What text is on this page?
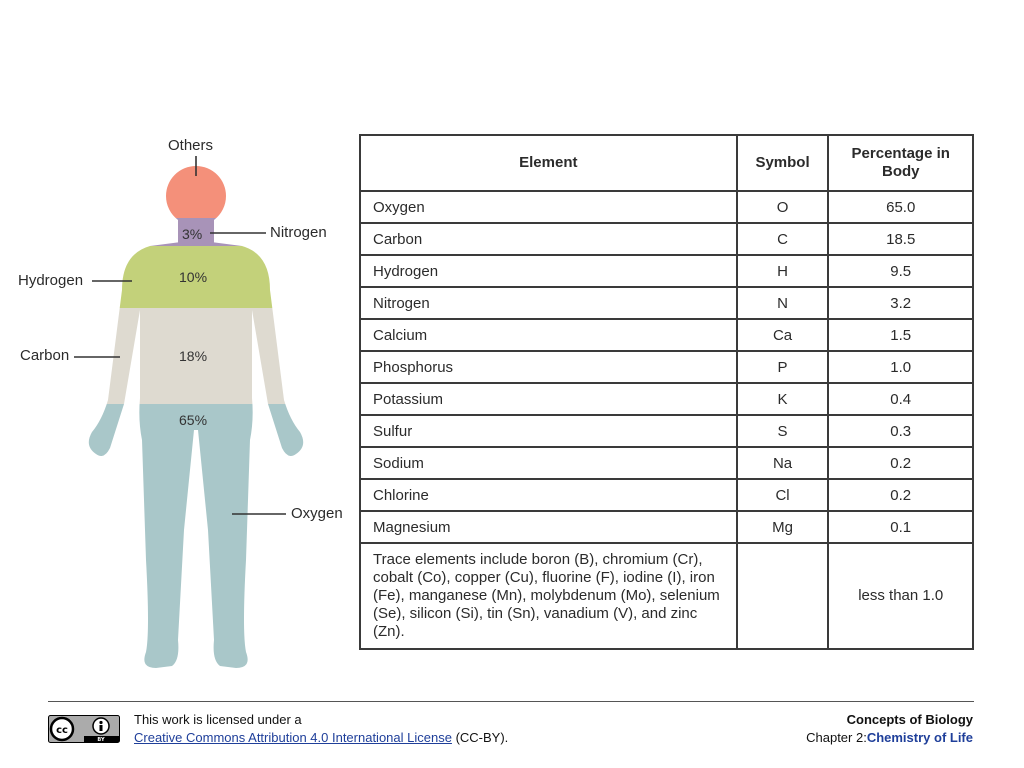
Others
Nitrogen
Hydrogen
Carbon
Oxygen
3%
10%
18%
65%
Element	Symbol	Percentage in Body
Oxygen	O	65.0
Carbon	C	18.5
Hydrogen	H	9.5
Nitrogen	N	3.2
Calcium	Ca	1.5
Phosphorus	P	1.0
Potassium	K	0.4
Sulfur	S	0.3
Sodium	Na	0.2
Chlorine	Cl	0.2
Magnesium	Mg	0.1
Trace elements include boron (B), chromium (Cr), cobalt (Co), copper (Cu), fluorine (F), iodine (I), iron (Fe), manganese (Mn), molybdenum (Mo), selenium (Se), silicon (Si), tin (Sn), vanadium (V), and zinc (Zn).		less than 1.0
cc
BY
This work is licensed under a
Creative Commons Attribution 4.0 International License (CC-BY).
Concepts of Biology
Chapter 2:Chemistry of Life
